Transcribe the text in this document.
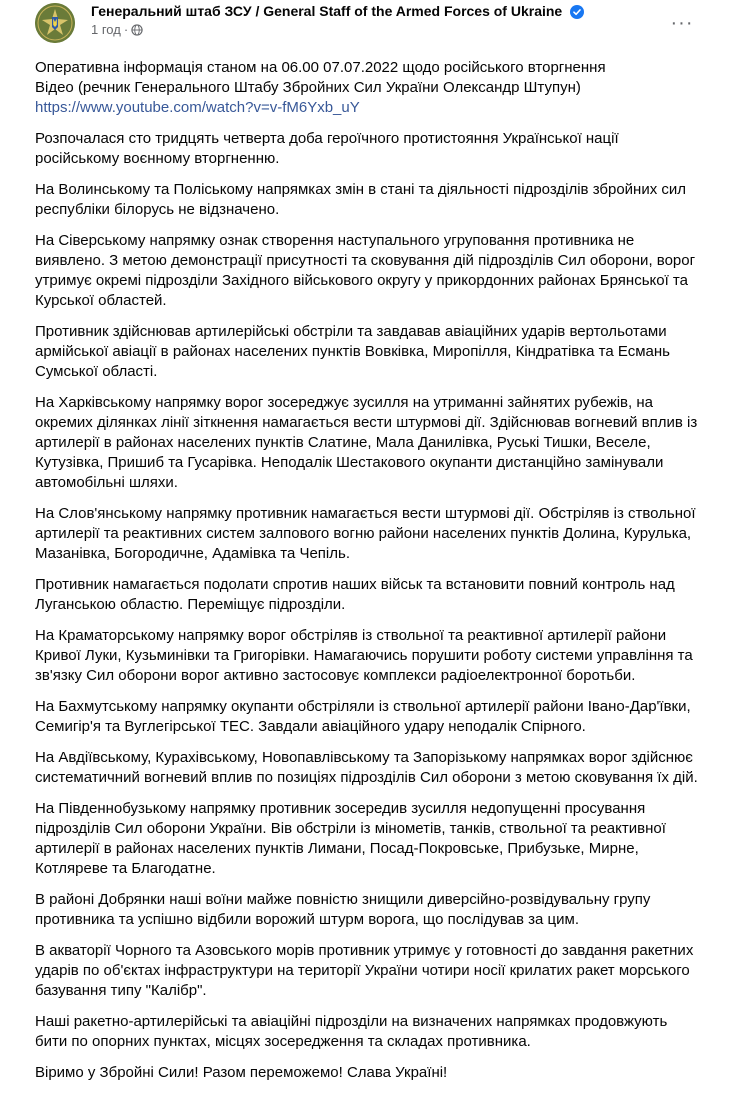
Генеральний штаб ЗСУ / General Staff of the Armed Forces of Ukraine
1 год ·	···

Оперативна інформація станом на 06.00 07.07.2022 щодо російського вторгнення
Відео (речник Генерального Штабу Збройних Сил України Олександр Штупун)
https://www.youtube.com/watch?v=v-fM6Yxb_uY

Розпочалася сто тридцять четверта доба героїчного протистояння Української нації російському воєнному вторгненню.

На Волинському та Поліському напрямках змін в стані та діяльності підрозділів збройних сил республіки білорусь не відзначено.

На Сіверському напрямку ознак створення наступального угруповання противника не виявлено. З метою демонстрації присутності та сковування дій підрозділів Сил оборони, ворог утримує окремі підрозділи Західного військового округу у прикордонних районах Брянської та Курської областей.

Противник здійснював артилерійські обстріли та завдавав авіаційних ударів вертольотами армійської авіації в районах населених пунктів Вовківка, Миропілля, Кіндратівка та Есмань Сумської області.

На Харківському напрямку ворог зосереджує зусилля на утриманні зайнятих рубежів, на окремих ділянках лінії зіткнення намагається вести штурмові дії. Здійснював вогневий вплив із артилерії в районах населених пунктів Слатине, Мала Данилівка, Руські Тишки, Веселе, Кутузівка, Пришиб та Гусарівка. Неподалік Шестакового окупанти дистанційно замінували автомобільні шляхи.

На Слов'янському напрямку противник намагається вести штурмові дії. Обстріляв із ствольної артилерії та реактивних систем залпового вогню райони населених пунктів Долина, Курулька, Мазанівка, Богородичне, Адамівка та Чепіль.

Противник намагається подолати спротив наших військ та встановити повний контроль над Луганською областю. Переміщує підрозділи.

На Краматорському напрямку ворог обстріляв із ствольної та реактивної артилерії райони Кривої Луки, Кузьминівки та Григорівки. Намагаючись порушити роботу системи управління та зв'язку Сил оборони ворог активно застосовує комплекси радіоелектронної боротьби.

На Бахмутському напрямку окупанти обстріляли із ствольної артилерії райони Івано-Дар'ївки, Семигір'я та Вуглегірської ТЕС. Завдали авіаційного удару неподалік Спірного.

На Авдіївському, Курахівському, Новопавлівському та Запорізькому напрямках ворог здійснює систематичний вогневий вплив по позиціях підрозділів Сил оборони з метою сковування їх дій.

На Південнобузькому напрямку противник зосередив зусилля недопущенні просування підрозділів Сил оборони України. Вів обстріли із мінометів, танків, ствольної та реактивної артилерії в районах населених пунктів Лимани, Посад-Покровське, Прибузьке, Мирне, Котляреве та Благодатне.

В районі Добрянки наші воїни майже повністю знищили диверсійно-розвідувальну групу противника та успішно відбили ворожий штурм ворога, що послідував за цим.

В акваторії Чорного та Азовського морів противник утримує у готовності до завдання ракетних ударів по об'єктах інфраструктури на території України чотири носії крилатих ракет морського базування типу "Калібр".

Наші ракетно-артилерійські та авіаційні підрозділи на визначених напрямках продовжують бити по опорних пунктах, місцях зосередження та складах противника.

Віримо у Збройні Сили! Разом переможемо! Слава Україні!
